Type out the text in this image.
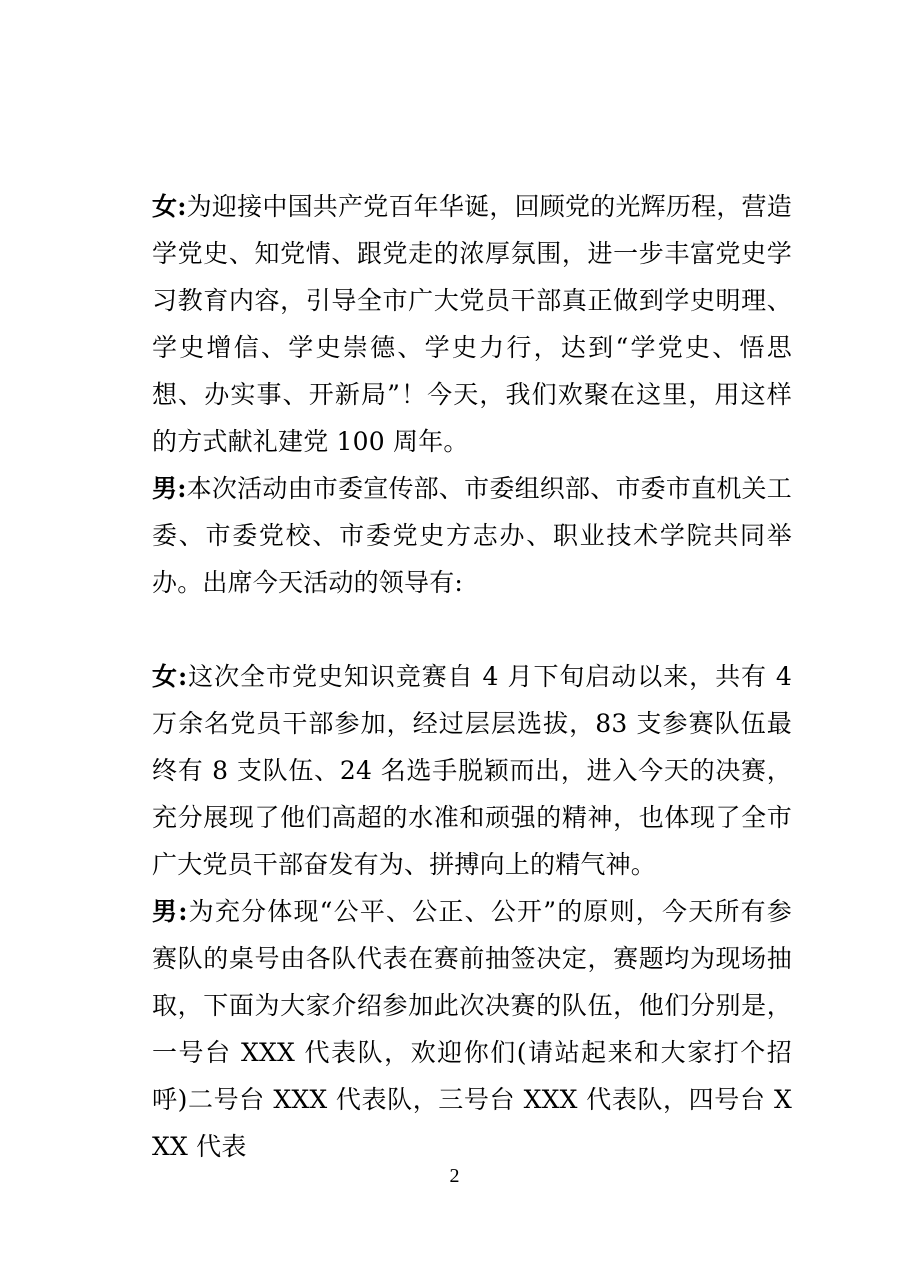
女:为迎接中国共产党百年华诞，回顾党的光辉历程，营造学党史、知党情、跟党走的浓厚氛围，进一步丰富党史学习教育内容，引导全市广大党员干部真正做到学史明理、学史增信、学史崇德、学史力行，达到“学党史、悟思想、办实事、开新局”！今天，我们欢聚在这里，用这样的方式献礼建党 100 周年。

男:本次活动由市委宣传部、市委组织部、市委市直机关工委、市委党校、市委党史方志办、职业技术学院共同举办。出席今天活动的领导有:

女:这次全市党史知识竞赛自 4 月下旬启动以来，共有 4 万余名党员干部参加，经过层层选拔，83 支参赛队伍最终有 8 支队伍、24 名选手脱颖而出，进入今天的决赛，充分展现了他们高超的水准和顽强的精神，也体现了全市广大党员干部奋发有为、拼搏向上的精气神。

男:为充分体现“公平、公正、公开”的原则，今天所有参赛队的桌号由各队代表在赛前抽签决定，赛题均为现场抽取，下面为大家介绍参加此次决赛的队伍，他们分别是，一号台 XXX 代表队，欢迎你们(请站起来和大家打个招呼)二号台 XXX 代表队，三号台 XXX 代表队，四号台 XXX 代表

2
